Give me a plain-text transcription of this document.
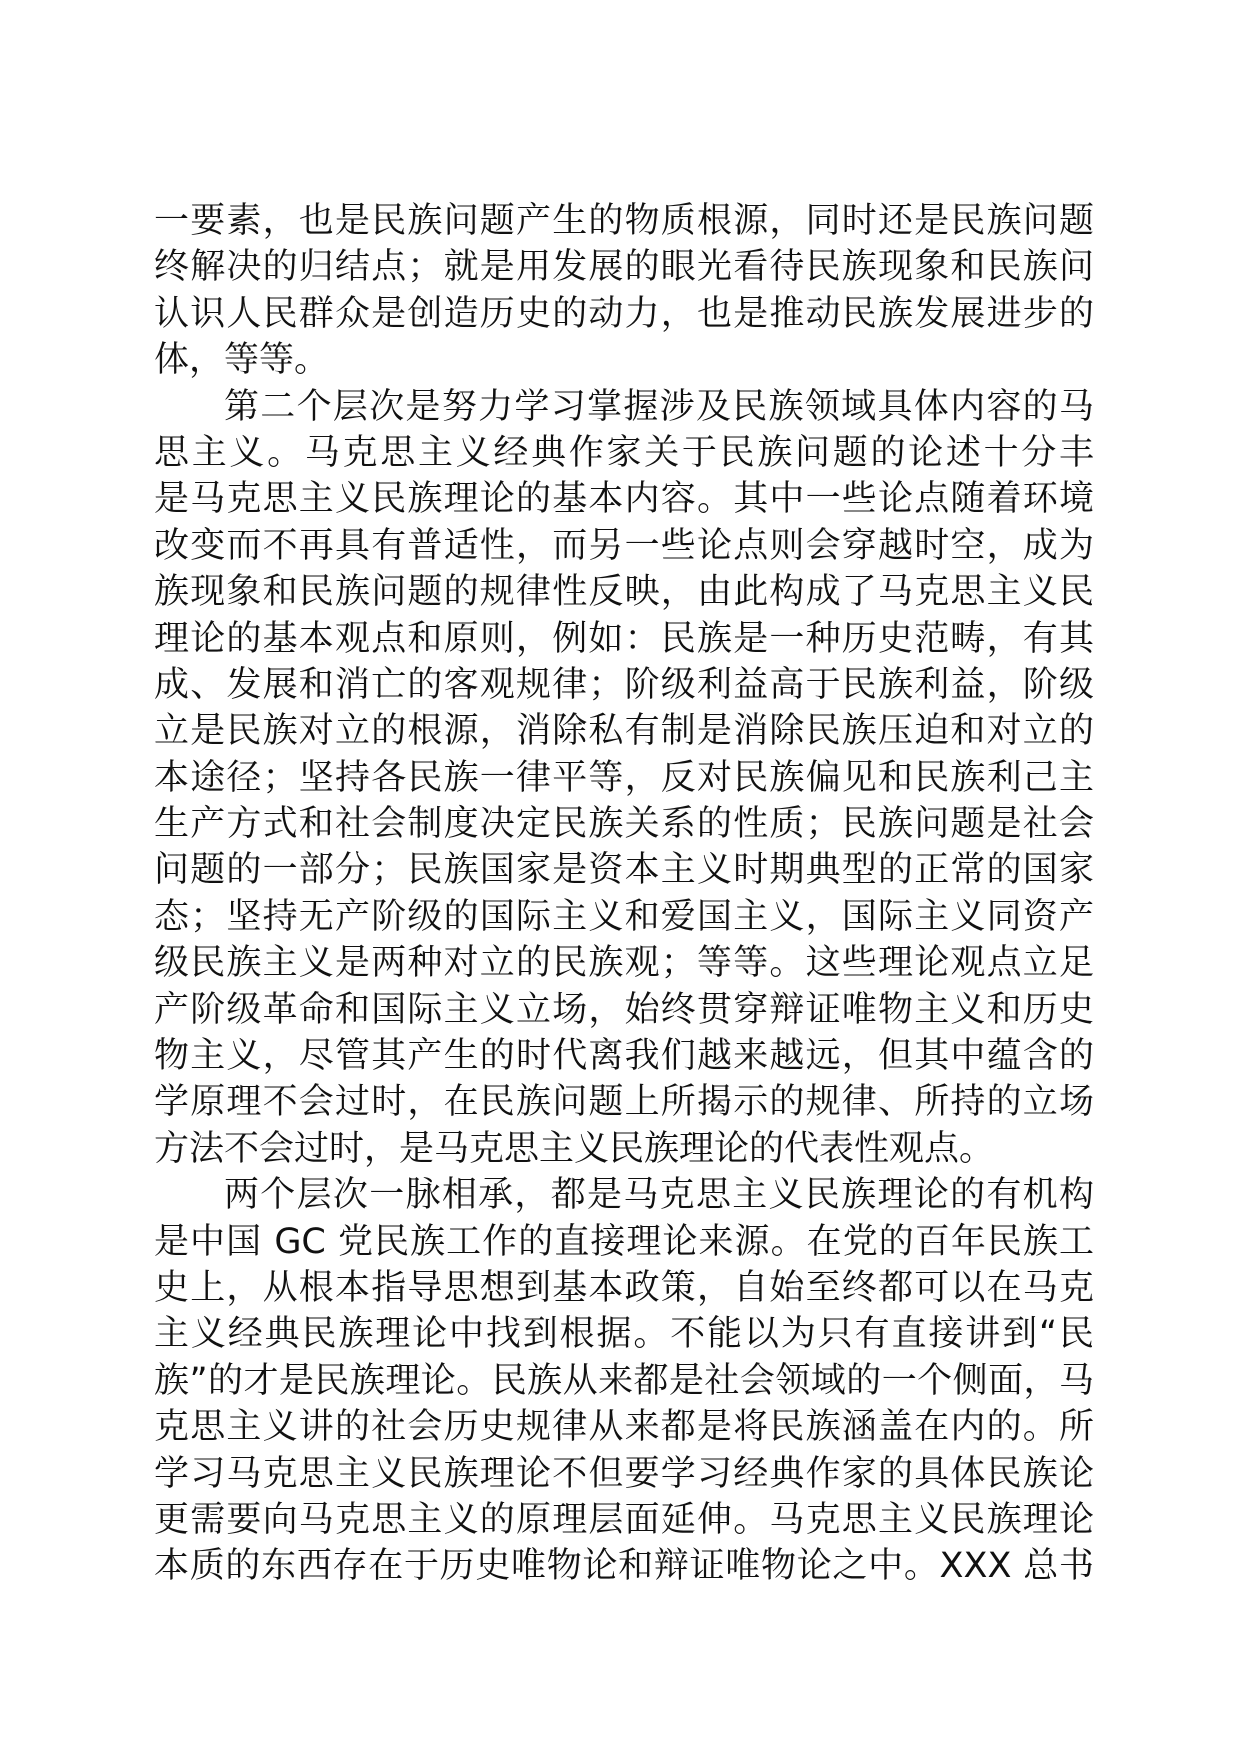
一要素，也是民族问题产生的物质根源，同时还是民族问题
终解决的归结点；就是用发展的眼光看待民族现象和民族问
认识人民群众是创造历史的动力，也是推动民族发展进步的
体，等等。
第二个层次是努力学习掌握涉及民族领域具体内容的马
思主义。马克思主义经典作家关于民族问题的论述十分丰
是马克思主义民族理论的基本内容。其中一些论点随着环境
改变而不再具有普适性，而另一些论点则会穿越时空，成为
族现象和民族问题的规律性反映，由此构成了马克思主义民
理论的基本观点和原则，例如：民族是一种历史范畴，有其
成、发展和消亡的客观规律；阶级利益高于民族利益，阶级
立是民族对立的根源，消除私有制是消除民族压迫和对立的
本途径；坚持各民族一律平等，反对民族偏见和民族利己主
生产方式和社会制度决定民族关系的性质；民族问题是社会
问题的一部分；民族国家是资本主义时期典型的正常的国家
态；坚持无产阶级的国际主义和爱国主义，国际主义同资产
级民族主义是两种对立的民族观；等等。这些理论观点立足
产阶级革命和国际主义立场，始终贯穿辩证唯物主义和历史
物主义，尽管其产生的时代离我们越来越远，但其中蕴含的
学原理不会过时，在民族问题上所揭示的规律、所持的立场
方法不会过时，是马克思主义民族理论的代表性观点。
两个层次一脉相承，都是马克思主义民族理论的有机构
是中国 GC 党民族工作的直接理论来源。在党的百年民族工
史上，从根本指导思想到基本政策，自始至终都可以在马克
主义经典民族理论中找到根据。不能以为只有直接讲到“民
族”的才是民族理论。民族从来都是社会领域的一个侧面，马
克思主义讲的社会历史规律从来都是将民族涵盖在内的。所
学习马克思主义民族理论不但要学习经典作家的具体民族论
更需要向马克思主义的原理层面延伸。马克思主义民族理论
本质的东西存在于历史唯物论和辩证唯物论之中。XXX 总书
